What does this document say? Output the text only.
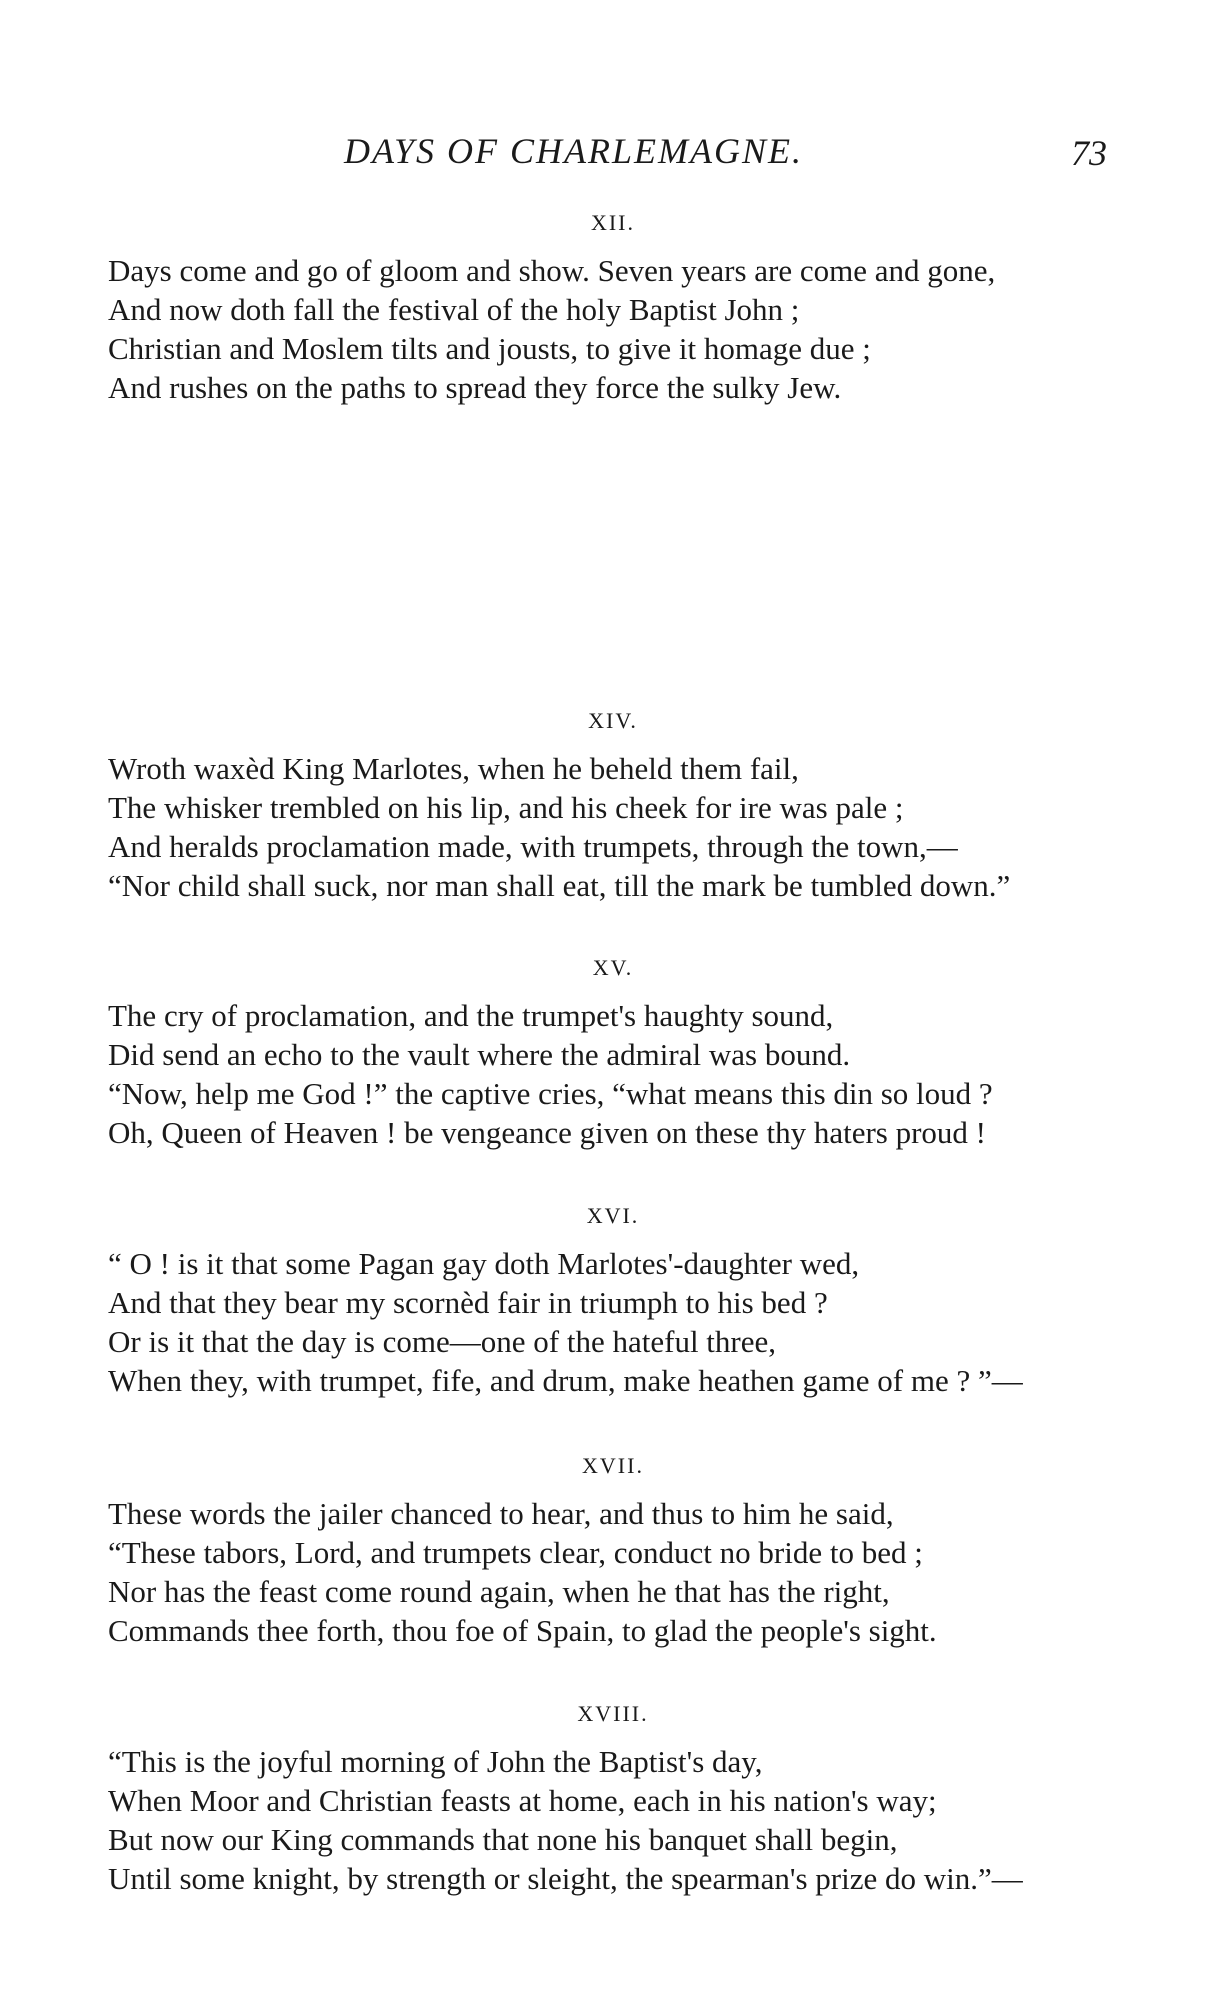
DAYS OF CHARLEMAGNE.	73
XII.
Days come and go of gloom and show. Seven years are come and gone,
And now doth fall the festival of the holy Baptist John ;
Christian and Moslem tilts and jousts, to give it homage due ;
And rushes on the paths to spread they force the sulky Jew.
XIV.
Wroth waxèd King Marlotes, when he beheld them fail,
The whisker trembled on his lip, and his cheek for ire was pale ;
And heralds proclamation made, with trumpets, through the town,—
“Nor child shall suck, nor man shall eat, till the mark be tumbled down.”
XV.
The cry of proclamation, and the trumpet's haughty sound,
Did send an echo to the vault where the admiral was bound.
“Now, help me God !” the captive cries, “what means this din so loud ?
Oh, Queen of Heaven ! be vengeance given on these thy haters proud !
XVI.
“ O ! is it that some Pagan gay doth Marlotes'-daughter wed,
And that they bear my scornèd fair in triumph to his bed ?
Or is it that the day is come—one of the hateful three,
When they, with trumpet, fife, and drum, make heathen game of me ? ”—
XVII.
These words the jailer chanced to hear, and thus to him he said,
“These tabors, Lord, and trumpets clear, conduct no bride to bed ;
Nor has the feast come round again, when he that has the right,
Commands thee forth, thou foe of Spain, to glad the people's sight.
XVIII.
“This is the joyful morning of John the Baptist's day,
When Moor and Christian feasts at home, each in his nation's way;
But now our King commands that none his banquet shall begin,
Until some knight, by strength or sleight, the spearman's prize do win.”—
